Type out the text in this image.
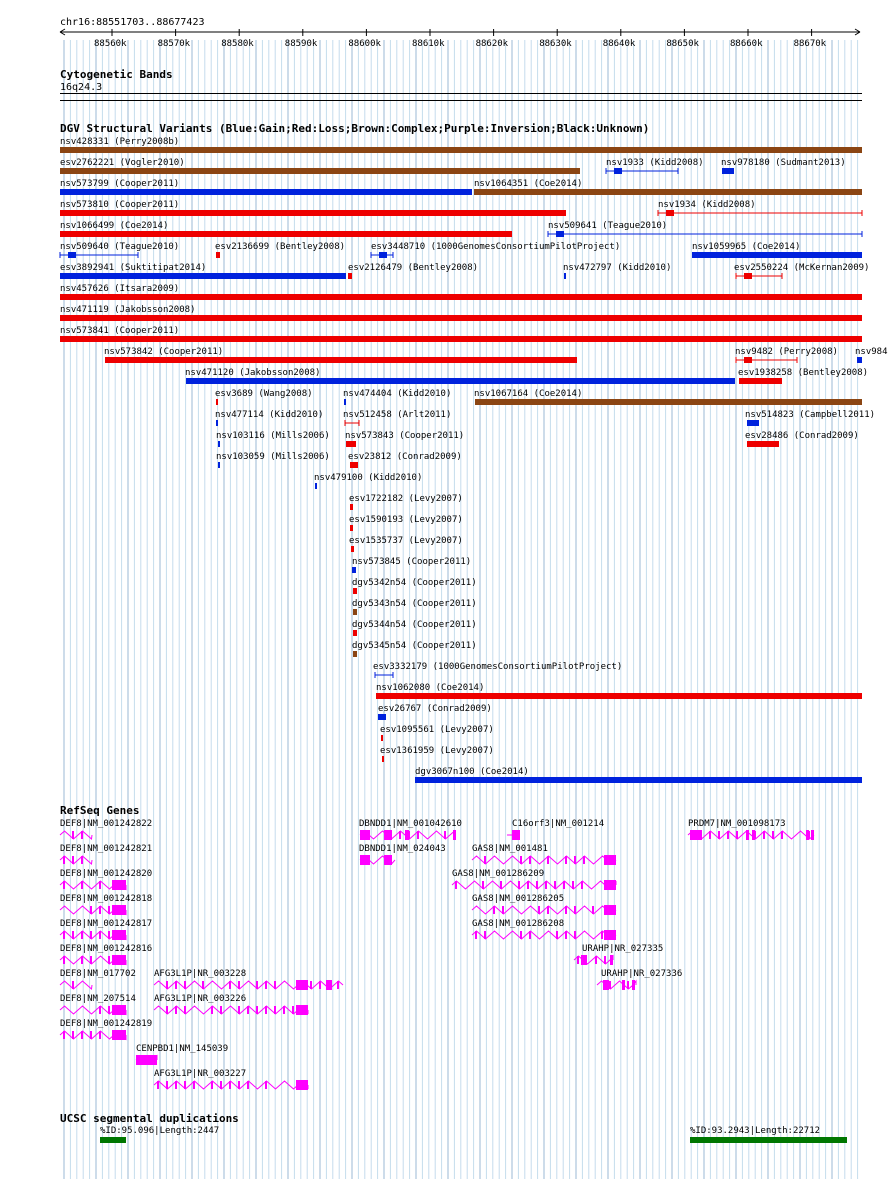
chr16:88551703..88677423
88560k	88570k	88580k	88590k	88600k	88610k	88620k	88630k	88640k	88650k	88660k	88670k
Cytogenetic Bands
16q24.3
DGV Structural Variants (Blue:Gain;Red:Loss;Brown:Complex;Purple:Inversion;Black:Unknown)
nsv428331 (Perry2008b)
esv2762221 (Vogler2010)	nsv1933 (Kidd2008) nsv978180 (Sudmant2013)
nsv573799 (Cooper2011)	nsv1064351 (Coe2014)
nsv573810 (Cooper2011)	nsv1934 (Kidd2008)
nsv1066499 (Coe2014)	nsv509641 (Teague2010)
nsv509640 (Teague2010)	esv2136699 (Bentley2008)	esv3448710 (1000GenomesConsortiumPilotProject)	nsv1059965 (Coe2014)
esv3892941 (Suktitipat2014)	esv2126479 (Bentley2008)	nsv472797 (Kidd2010)	esv2550224 (McKernan2009)
nsv457626 (Itsara2009)
nsv471119 (Jakobsson2008)
nsv573841 (Cooper2011)
nsv573842 (Cooper2011)	nsv9482 (Perry2008) nsv984
nsv471120 (Jakobsson2008)	esv1938258 (Bentley2008)
esv3689 (Wang2008)	nsv474404 (Kidd2010)	nsv1067164 (Coe2014)
nsv477114 (Kidd2010) nsv512458 (Arlt2011)	nsv514823 (Campbell2011)
nsv103116 (Mills2006) nsv573843 (Cooper2011)	esv28486 (Conrad2009)
nsv103059 (Mills2006) esv23812 (Conrad2009)
nsv479100 (Kidd2010)
esv1722182 (Levy2007)
esv1590193 (Levy2007)
esv1535737 (Levy2007)
nsv573845 (Cooper2011)
dgv5342n54 (Cooper2011)
dgv5343n54 (Cooper2011)
dgv5344n54 (Cooper2011)
dgv5345n54 (Cooper2011)
esv3332179 (1000GenomesConsortiumPilotProject)
nsv1062080 (Coe2014)
esv26767 (Conrad2009)
esv1095561 (Levy2007)
esv1361959 (Levy2007)
dgv3067n100 (Coe2014)
RefSeq Genes
DEF8|NM_001242822	DBNDD1|NM_001042610	C16orf3|NM_001214	PRDM7|NM_001098173
DEF8|NM_001242821	DBNDD1|NM_024043	GAS8|NM_001481
DEF8|NM_001242820	GAS8|NM_001286209
DEF8|NM_001242818	GAS8|NM_001286205
DEF8|NM_001242817	GAS8|NM_001286208
DEF8|NM_001242816	URAHP|NR_027335
DEF8|NM_017702 AFG3L1P|NR_003228	URAHP|NR_027336
DEF8|NM_207514 AFG3L1P|NR_003226
DEF8|NM_001242819
CENPBD1|NM_145039
AFG3L1P|NR_003227
UCSC segmental duplications
%ID:95.096|Length:2447	%ID:93.2943|Length:22712
